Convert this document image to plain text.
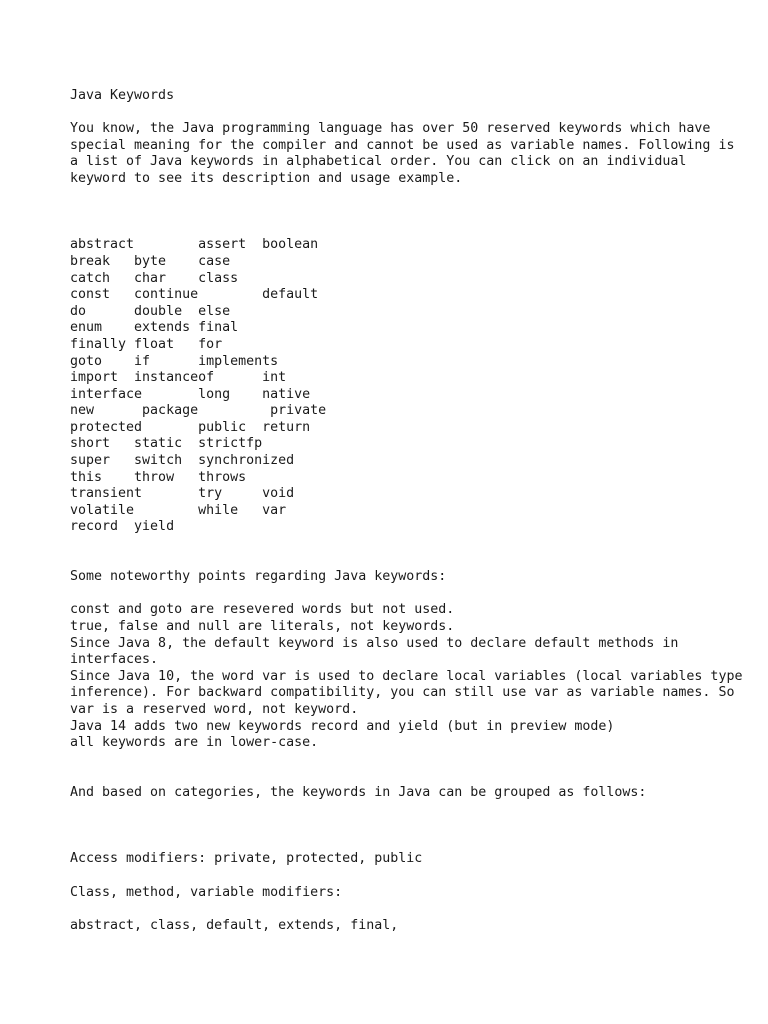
Java Keywords

You know, the Java programming language has over 50 reserved keywords which have special meaning for the compiler and cannot be used as variable names. Following is a list of Java keywords in alphabetical order. You can click on an individual keyword to see its description and usage example.

abstract        assert  boolean
break   byte    case
catch   char    class
const   continue        default
do      double  else
enum    extends final
finally float   for
goto    if      implements
import  instanceof      int
interface       long    native
new      package         private
protected       public  return
short   static  strictfp
super   switch  synchronized
this    throw   throws
transient       try     void
volatile        while   var
record  yield

Some noteworthy points regarding Java keywords:

const and goto are resevered words but not used.

true, false and null are literals, not keywords.

Since Java 8, the default keyword is also used to declare default methods in interfaces.

Since Java 10, the word var is used to declare local variables (local variables type inference). For backward compatibility, you can still use var as variable names. So var is a reserved word, not keyword.

Java 14 adds two new keywords record and yield (but in preview mode)

all keywords are in lower-case.

And based on categories, the keywords in Java can be grouped as follows:

Access modifiers: private, protected, public

Class, method, variable modifiers:

abstract, class, default, extends, final,
